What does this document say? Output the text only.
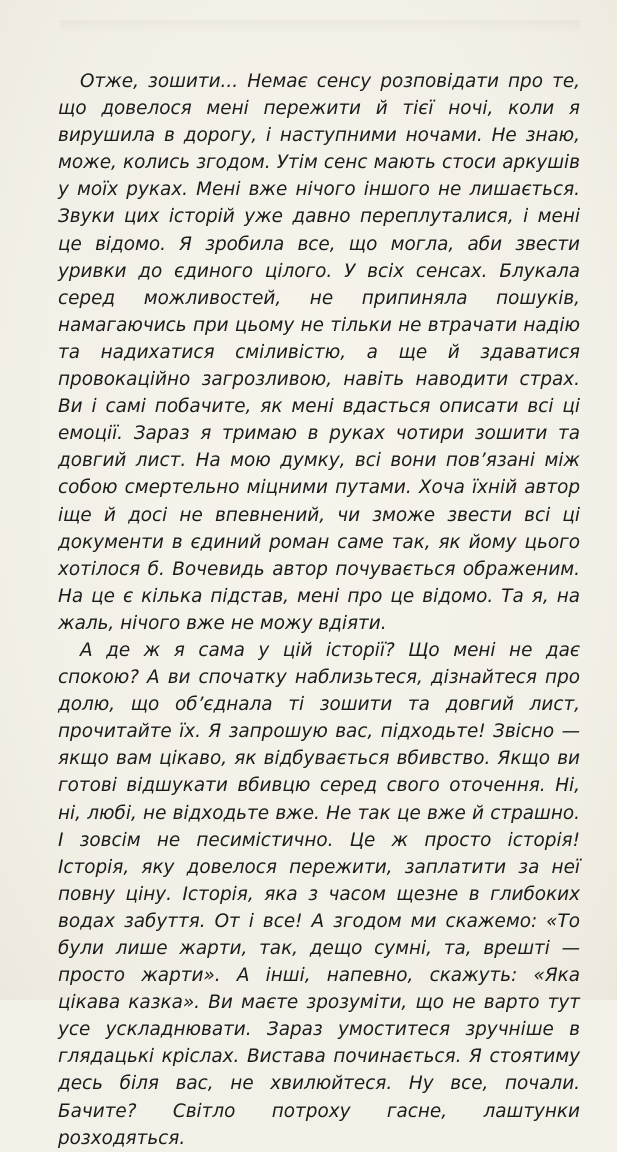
Отже, зошити... Немає сенсу розповідати про те, що довелося мені пережити й тієї ночі, коли я вирушила в дорогу, і наступними ночами. Не знаю, може, колись згодом. Утім сенс мають стоси аркушів у моїх руках. Мені вже нічого іншого не лишається. Звуки цих історій уже давно переплуталися, і мені це відомо. Я зробила все, що могла, аби звести уривки до єдиного цілого. У всіх сенсах. Блукала серед можливостей, не припиняла пошуків, намагаючись при цьому не тільки не втрачати надію та надихатися сміливістю, а ще й здаватися провокаційно загрозливою, навіть наводити страх. Ви і самі побачите, як мені вдасться описати всі ці емоції. Зараз я тримаю в руках чотири зошити та довгий лист. На мою думку, всі вони пов’язані між собою смертельно міцними путами. Хоча їхній автор іще й досі не впевнений, чи зможе звести всі ці документи в єдиний роман саме так, як йому цього хотілося б. Вочевидь автор почувається ображеним. На це є кілька підстав, мені про це відомо. Та я, на жаль, нічого вже не можу вдіяти.

А де ж я сама у цій історії? Що мені не дає спокою? А ви спочатку наблизьтеся, дізнайтеся про долю, що об’єднала ті зошити та довгий лист, прочитайте їх. Я запрошую вас, підходьте! Звісно — якщо вам цікаво, як відбувається вбивство. Якщо ви готові відшукати вбивцю серед свого оточення. Ні, ні, любі, не відходьте вже. Не так це вже й страшно. І зовсім не песимістично. Це ж просто історія! Історія, яку довелося пережити, заплатити за неї повну ціну. Історія, яка з часом щезне в глибоких водах забуття. От і все! А згодом ми скажемо: «То були лише жарти, так, дещо сумні, та, врешті — просто жарти». А інші, напевно, скажуть: «Яка цікава казка». Ви маєте зрозуміти, що не варто тут усе ускладнювати. Зараз умоститеся зручніше в глядацькі кріслах. Вистава починається. Я стоятиму десь біля вас, не хвилюйтеся. Ну все, почали. Бачите? Світло потроху гасне, лаштунки розходяться.
